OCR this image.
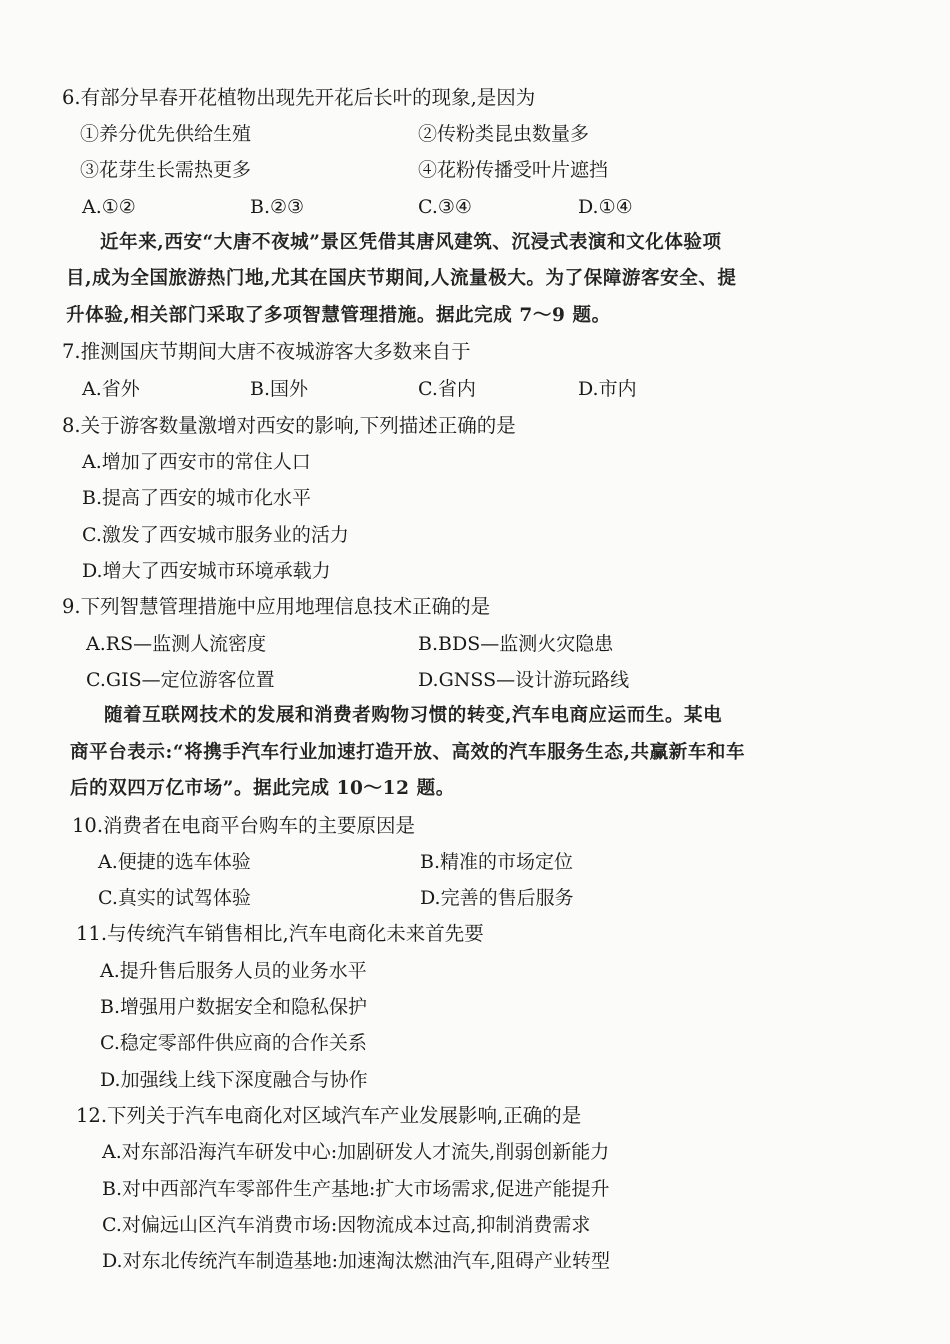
6.有部分早春开花植物出现先开花后长叶的现象,是因为
①养分优先供给生殖	②传粉类昆虫数量多
③花芽生长需热更多	④花粉传播受叶片遮挡
A.①②	B.②③	C.③④	D.①④
近年来,西安“大唐不夜城”景区凭借其唐风建筑、沉浸式表演和文化体验项
目,成为全国旅游热门地,尤其在国庆节期间,人流量极大。为了保障游客安全、提
升体验,相关部门采取了多项智慧管理措施。据此完成 7～9 题。
7.推测国庆节期间大唐不夜城游客大多数来自于
A.省外	B.国外	C.省内	D.市内
8.关于游客数量激增对西安的影响,下列描述正确的是
A.增加了西安市的常住人口
B.提高了西安的城市化水平
C.激发了西安城市服务业的活力
D.增大了西安城市环境承载力
9.下列智慧管理措施中应用地理信息技术正确的是
A.RS—监测人流密度	B.BDS—监测火灾隐患
C.GIS—定位游客位置	D.GNSS—设计游玩路线
随着互联网技术的发展和消费者购物习惯的转变,汽车电商应运而生。某电
商平台表示:“将携手汽车行业加速打造开放、高效的汽车服务生态,共赢新车和车
后的双四万亿市场”。据此完成 10～12 题。
10.消费者在电商平台购车的主要原因是
A.便捷的选车体验	B.精准的市场定位
C.真实的试驾体验	D.完善的售后服务
11.与传统汽车销售相比,汽车电商化未来首先要
A.提升售后服务人员的业务水平
B.增强用户数据安全和隐私保护
C.稳定零部件供应商的合作关系
D.加强线上线下深度融合与协作
12.下列关于汽车电商化对区域汽车产业发展影响,正确的是
A.对东部沿海汽车研发中心:加剧研发人才流失,削弱创新能力
B.对中西部汽车零部件生产基地:扩大市场需求,促进产能提升
C.对偏远山区汽车消费市场:因物流成本过高,抑制消费需求
D.对东北传统汽车制造基地:加速淘汰燃油汽车,阻碍产业转型
